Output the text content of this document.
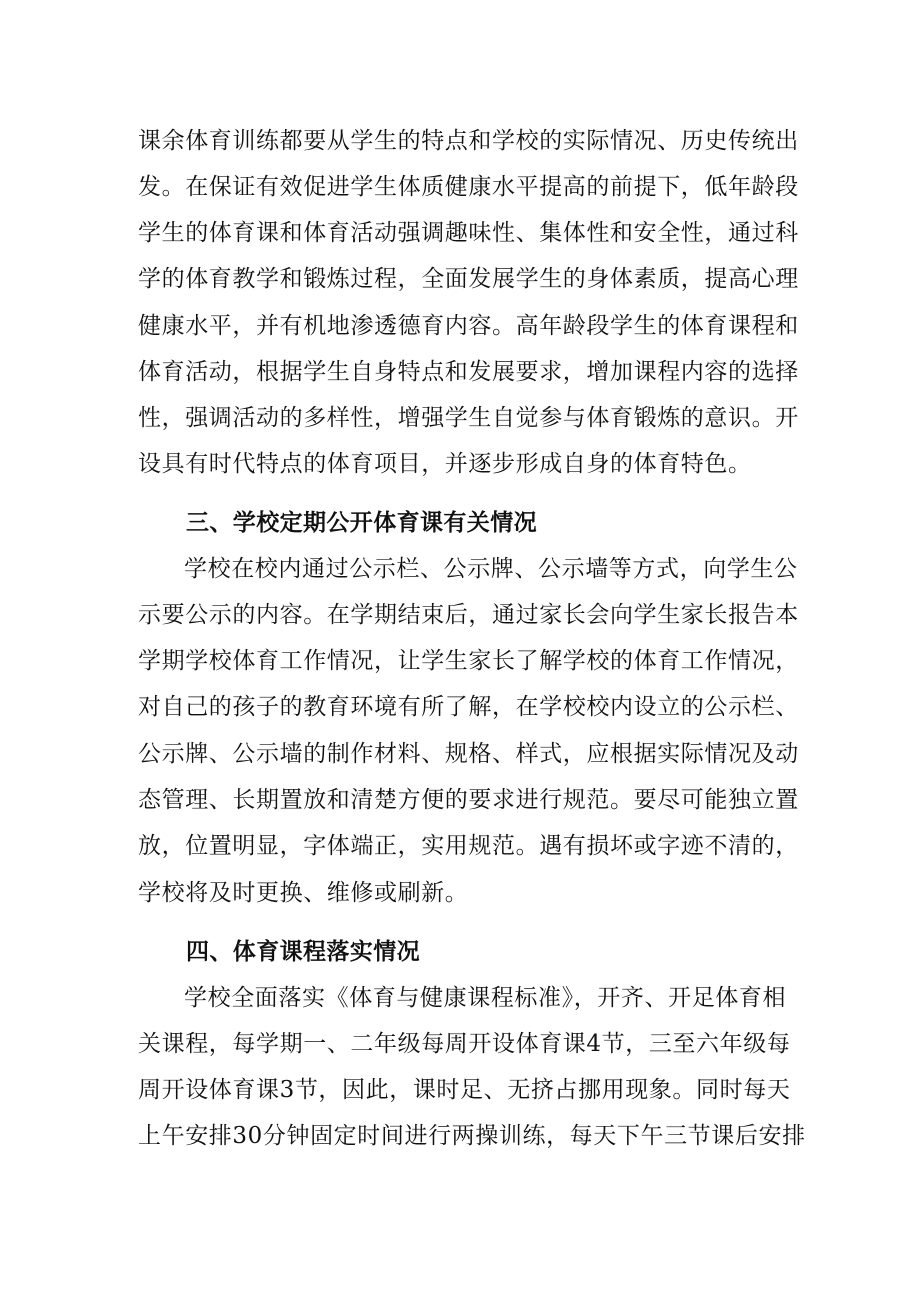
课余体育训练都要从学生的特点和学校的实际情况、历史传统出
发。在保证有效促进学生体质健康水平提高的前提下，低年龄段
学生的体育课和体育活动强调趣味性、集体性和安全性，通过科
学的体育教学和锻炼过程，全面发展学生的身体素质，提高心理
健康水平，并有机地渗透德育内容。高年龄段学生的体育课程和
体育活动，根据学生自身特点和发展要求，增加课程内容的选择
性，强调活动的多样性，增强学生自觉参与体育锻炼的意识。开
设具有时代特点的体育项目，并逐步形成自身的体育特色。
三、学校定期公开体育课有关情况
学校在校内通过公示栏、公示牌、公示墙等方式，向学生公
示要公示的内容。在学期结束后，通过家长会向学生家长报告本
学期学校体育工作情况，让学生家长了解学校的体育工作情况，
对自己的孩子的教育环境有所了解，在学校校内设立的公示栏、
公示牌、公示墙的制作材料、规格、样式，应根据实际情况及动
态管理、长期置放和清楚方便的要求进行规范。要尽可能独立置
放，位置明显，字体端正，实用规范。遇有损坏或字迹不清的，
学校将及时更换、维修或刷新。
四、体育课程落实情况
学校全面落实《体育与健康课程标准》，开齐、开足体育相
关课程，每学期一、二年级每周开设体育课4节，三至六年级每
周开设体育课3节，因此，课时足、无挤占挪用现象。同时每天
上午安排30分钟固定时间进行两操训练，每天下午三节课后安排
